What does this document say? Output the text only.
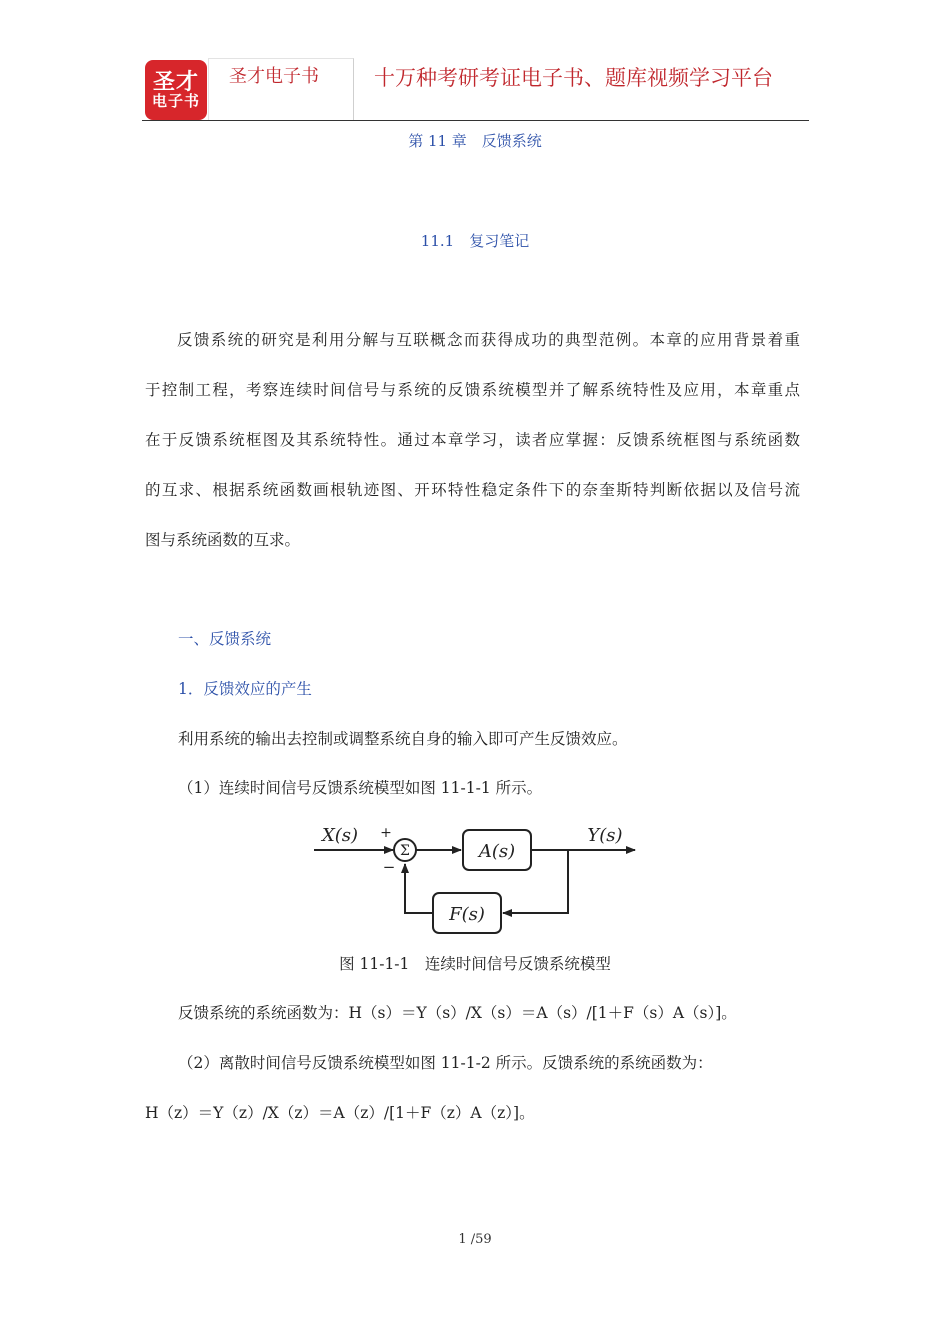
圣才
电子书
圣才电子书	十万种考研考证电子书、题库视频学习平台
第 11 章　反馈系统
11.1　复习笔记
反馈系统的研究是利用分解与互联概念而获得成功的典型范例。本章的应用背景着重
于控制工程，考察连续时间信号与系统的反馈系统模型并了解系统特性及应用，本章重点
在于反馈系统框图及其系统特性。通过本章学习，读者应掌握：反馈系统框图与系统函数
的互求、根据系统函数画根轨迹图、开环特性稳定条件下的奈奎斯特判断依据以及信号流
图与系统函数的互求。
一、反馈系统
1．反馈效应的产生
利用系统的输出去控制或调整系统自身的输入即可产生反馈效应。
（1）连续时间信号反馈系统模型如图 11-1-1 所示。
Σ
+
−
A(s)
F(s)
X(s)	Y(s)
图 11-1-1　连续时间信号反馈系统模型
反馈系统的系统函数为：H（s）＝Y（s）/X（s）＝A（s）/[1＋F（s）A（s）]。
（2）离散时间信号反馈系统模型如图 11-1-2 所示。反馈系统的系统函数为：
H（z）＝Y（z）/X（z）＝A（z）/[1＋F（z）A（z）]。
1 /59
